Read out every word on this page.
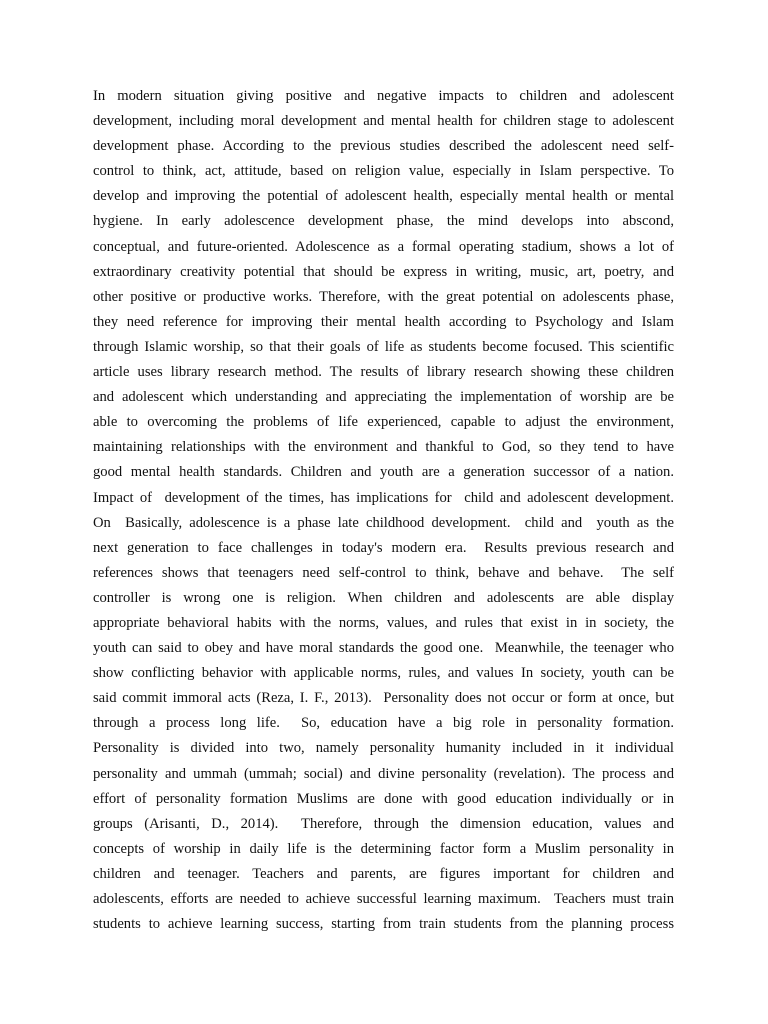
In modern situation giving positive and negative impacts to children and adolescent
development, including moral development and mental health for children stage to adolescent
development phase. According to the previous studies described the adolescent need self-
control to think, act, attitude, based on religion value, especially in Islam perspective. To
develop and improving the potential of adolescent health, especially mental health or mental
hygiene. In early adolescence development phase, the mind develops into abscond,
conceptual, and future-oriented. Adolescence as a formal operating stadium, shows a lot of
extraordinary creativity potential that should be express in writing, music, art, poetry, and
other positive or productive works. Therefore, with the great potential on adolescents phase,
they need reference for improving their mental health according to Psychology and Islam
through Islamic worship, so that their goals of life as students become focused. This scientific
article uses library research method. The results of library research showing these children
and adolescent which understanding and appreciating the implementation of worship are be
able to overcoming the problems of life experienced, capable to adjust the environment,
maintaining relationships with the environment and thankful to God, so they tend to have
good mental health standards. Children and youth are a generation successor of a nation.
Impact of  development of the times, has implications for  child and adolescent development.
On  Basically, adolescence is a phase late childhood development.  child and  youth as the
next generation to face challenges in today's modern era.  Results previous research and
references shows that teenagers need self-control to think, behave and behave.  The self
controller is wrong one is religion. When children and adolescents are able display
appropriate behavioral habits with the norms, values, and rules that exist in in society, the
youth can said to obey and have moral standards the good one.  Meanwhile, the teenager who
show conflicting behavior with applicable norms, rules, and values In society, youth can be
said commit immoral acts (Reza, I. F., 2013).  Personality does not occur or form at once, but
through a process long life.  So, education have a big role in personality formation.
Personality is divided into two, namely personality humanity included in it individual
personality and ummah (ummah; social) and divine personality (revelation). The process and
effort of personality formation Muslims are done with good education individually or in
groups (Arisanti, D., 2014).  Therefore, through the dimension education, values and
concepts of worship in daily life is the determining factor form a Muslim personality in
children and teenager. Teachers and parents, are figures important for children and
adolescents, efforts are needed to achieve successful learning maximum.  Teachers must train
students to achieve learning success, starting from train students from the planning process
